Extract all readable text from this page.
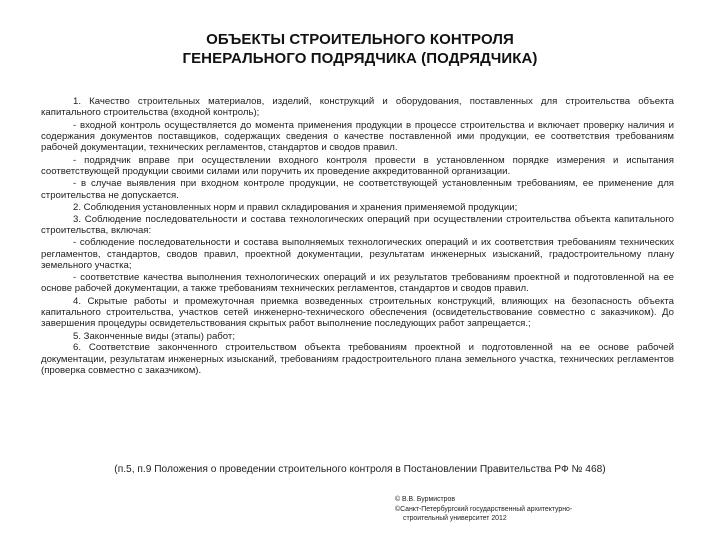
ОБЪЕКТЫ СТРОИТЕЛЬНОГО КОНТРОЛЯ
ГЕНЕРАЛЬНОГО ПОДРЯДЧИКА (ПОДРЯДЧИКА)

1. Качество строительных материалов, изделий, конструкций и оборудования, поставленных для строительства объекта капитального строительства (входной контроль);

- входной контроль осуществляется до момента применения продукции в процессе строительства и включает проверку наличия и содержания документов поставщиков, содержащих сведения о качестве поставленной ими продукции, ее соответствия требованиям рабочей документации, технических регламентов, стандартов и сводов правил.

- подрядчик вправе при осуществлении входного контроля провести в установленном порядке измерения и испытания соответствующей продукции своими силами или поручить их проведение аккредитованной организации.

- в случае выявления при входном контроле продукции, не соответствующей установленным требованиям, ее применение для строительства не допускается.

2. Соблюдения установленных норм и правил складирования и хранения применяемой продукции;

3. Соблюдение последовательности и состава технологических операций при осуществлении строительства объекта капитального строительства, включая:

- соблюдение последовательности и состава выполняемых технологических операций и их соответствия требованиям технических регламентов, стандартов, сводов правил, проектной документации, результатам инженерных изысканий, градостроительному плану земельного участка;

- соответствие качества выполнения технологических операций и их результатов требованиям проектной и подготовленной на ее основе рабочей документации, а также требованиям технических регламентов, стандартов и сводов правил.

4. Скрытые работы и промежуточная приемка возведенных строительных конструкций, влияющих на безопасность объекта капитального строительства, участков сетей инженерно-технического обеспечения (освидетельствование совместно с заказчиком). До завершения процедуры освидетельствования скрытых работ выполнение последующих работ запрещается.;

5. Законченные виды (этапы) работ;

6. Соответствие законченного строительством объекта требованиям проектной и подготовленной на ее основе рабочей документации, результатам инженерных изысканий, требованиям градостроительного плана земельного участка, технических регламентов (проверка совместно с заказчиком).

(п.5, п.9 Положения о проведении строительного контроля в Постановлении Правительства РФ № 468)
© В.В. Бурмистров
©Санкт-Петербургский государственный архитектурно-
строительный университет 2012
